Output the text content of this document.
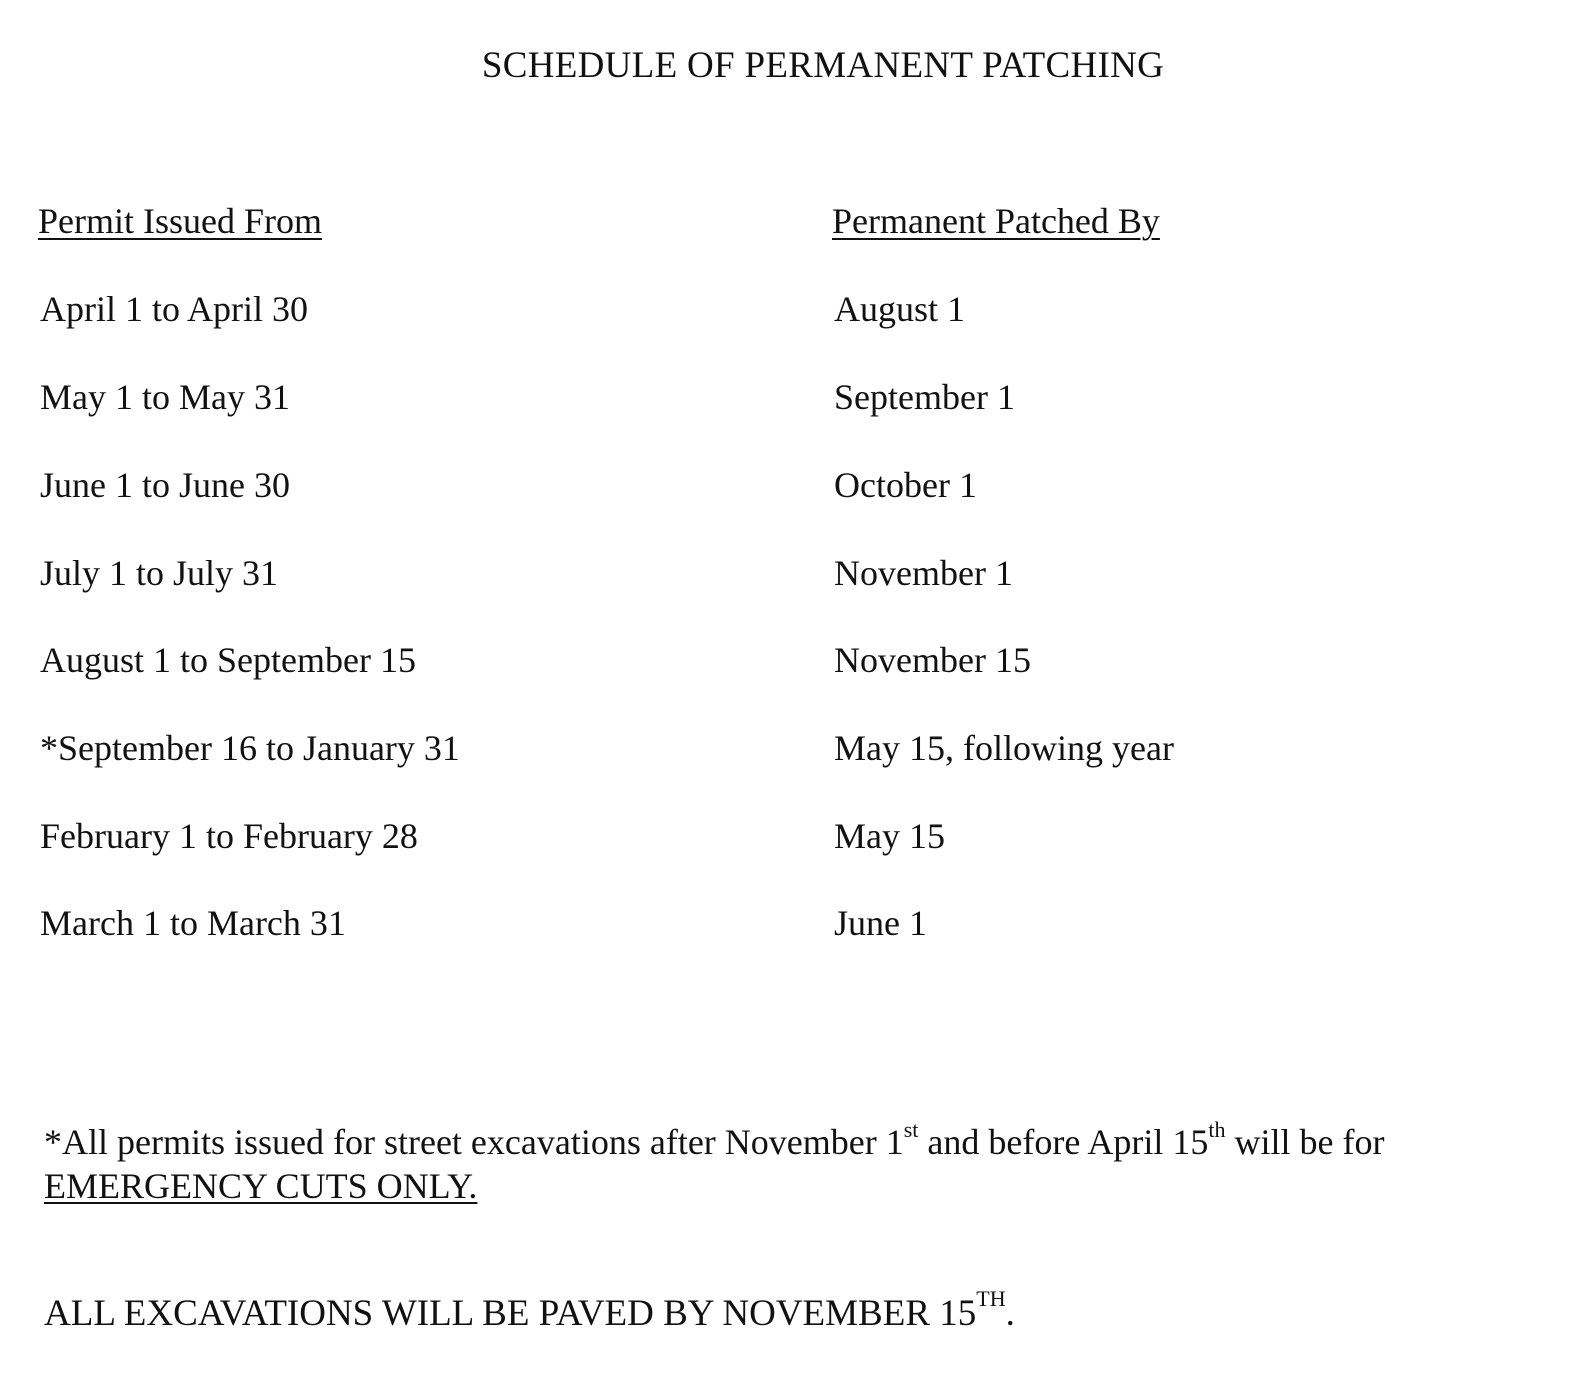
SCHEDULE OF PERMANENT PATCHING
Permit Issued From	Permanent Patched By
April 1 to April 30	August 1
May 1 to May 31	September 1
June 1 to June 30	October 1
July 1 to July 31	November 1
August 1 to September 15	November 15
*September 16 to January 31	May 15, following year
February 1 to February 28	May 15
March 1 to March 31	June 1
*All permits issued for street excavations after November 1st and before April 15th will be for
EMERGENCY CUTS ONLY.
ALL EXCAVATIONS WILL BE PAVED BY NOVEMBER 15TH.
